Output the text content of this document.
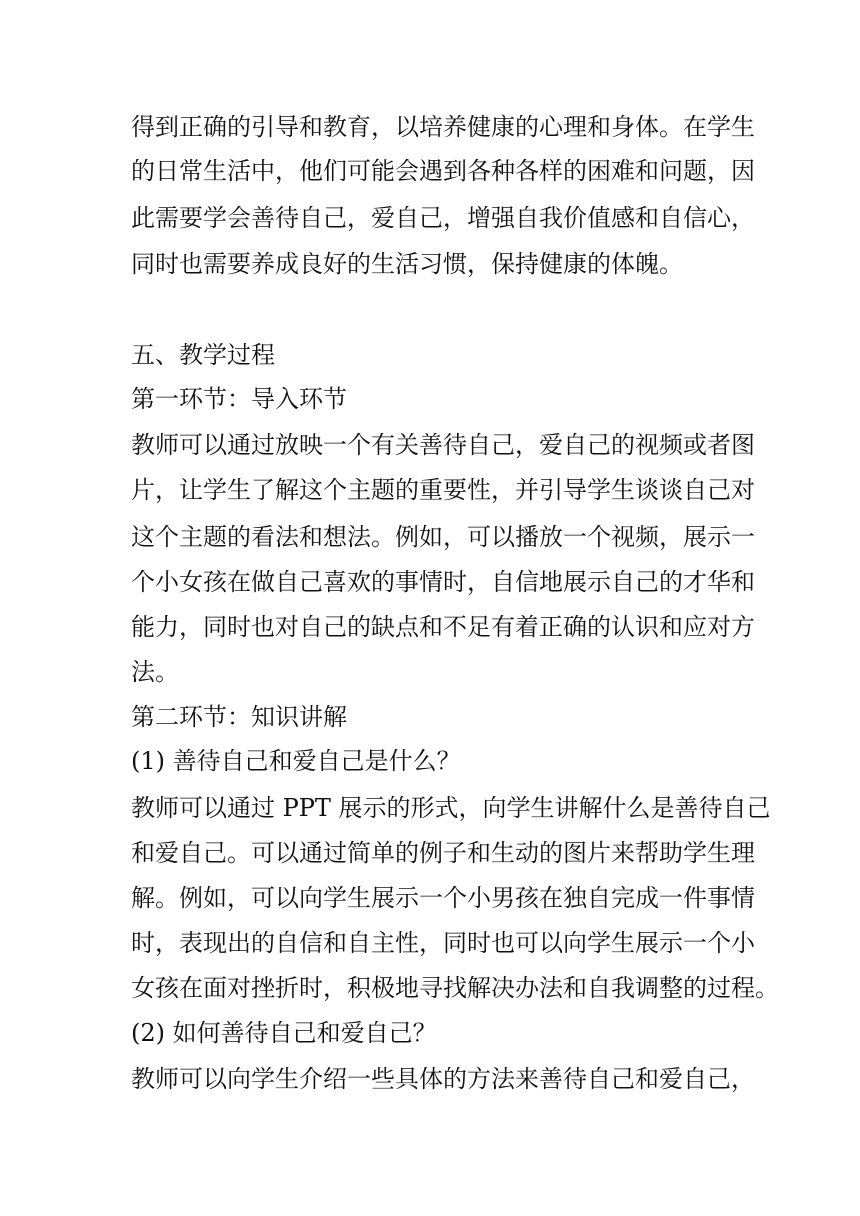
得到正确的引导和教育，以培养健康的心理和身体。在学生
的日常生活中，他们可能会遇到各种各样的困难和问题，因
此需要学会善待自己，爱自己，增强自我价值感和自信心，
同时也需要养成良好的生活习惯，保持健康的体魄。
五、教学过程
第一环节：导入环节
教师可以通过放映一个有关善待自己，爱自己的视频或者图
片，让学生了解这个主题的重要性，并引导学生谈谈自己对
这个主题的看法和想法。例如，可以播放一个视频，展示一
个小女孩在做自己喜欢的事情时，自信地展示自己的才华和
能力，同时也对自己的缺点和不足有着正确的认识和应对方
法。
第二环节：知识讲解
(1) 善待自己和爱自己是什么？
教师可以通过 PPT 展示的形式，向学生讲解什么是善待自己
和爱自己。可以通过简单的例子和生动的图片来帮助学生理
解。例如，可以向学生展示一个小男孩在独自完成一件事情
时，表现出的自信和自主性，同时也可以向学生展示一个小
女孩在面对挫折时，积极地寻找解决办法和自我调整的过程。
(2) 如何善待自己和爱自己？
教师可以向学生介绍一些具体的方法来善待自己和爱自己，
